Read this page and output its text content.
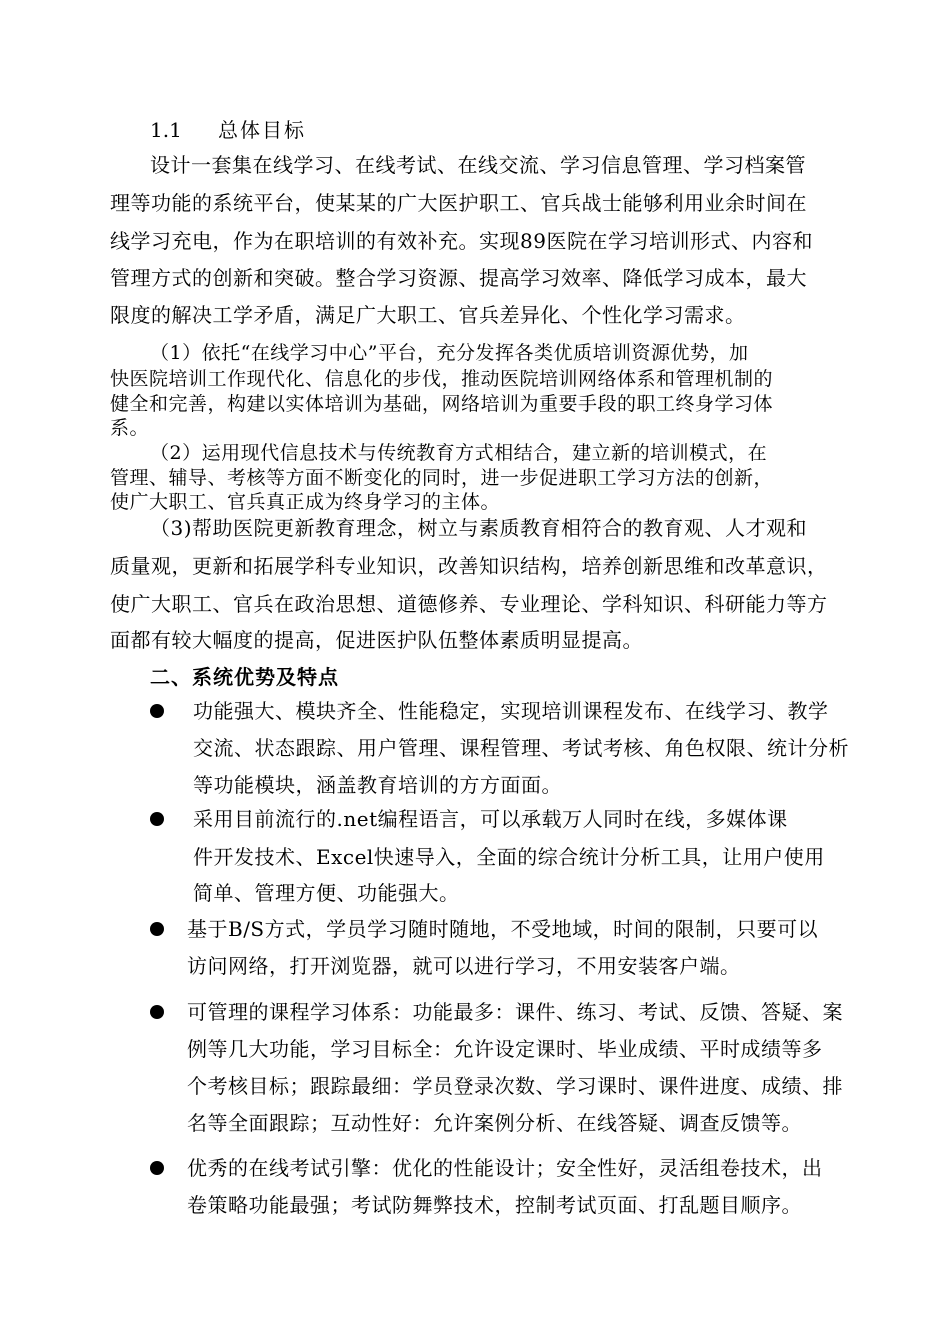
1.1 总体目标
设计一套集在线学习、在线考试、在线交流、学习信息管理、学习档案管
理等功能的系统平台，使某某的广大医护职工、官兵战士能够利用业余时间在
线学习充电，作为在职培训的有效补充。实现89医院在学习培训形式、内容和
管理方式的创新和突破。整合学习资源、提高学习效率、降低学习成本，最大
限度的解决工学矛盾，满足广大职工、官兵差异化、个性化学习需求。
（1）依托“在线学习中心”平台，充分发挥各类优质培训资源优势，加
快医院培训工作现代化、信息化的步伐，推动医院培训网络体系和管理机制的
健全和完善，构建以实体培训为基础，网络培训为重要手段的职工终身学习体
系。
（2）运用现代信息技术与传统教育方式相结合，建立新的培训模式，在
管理、辅导、考核等方面不断变化的同时，进一步促进职工学习方法的创新，
使广大职工、官兵真正成为终身学习的主体。
（3)帮助医院更新教育理念，树立与素质教育相符合的教育观、人才观和
质量观，更新和拓展学科专业知识，改善知识结构，培养创新思维和改革意识，
使广大职工、官兵在政治思想、道德修养、专业理论、学科知识、科研能力等方
面都有较大幅度的提高，促进医护队伍整体素质明显提高。
二、系统优势及特点
功能强大、模块齐全、性能稳定，实现培训课程发布、在线学习、教学
交流、状态跟踪、用户管理、课程管理、考试考核、角色权限、统计分析
等功能模块，涵盖教育培训的方方面面。
采用目前流行的.net编程语言，可以承载万人同时在线，多媒体课
件开发技术、Excel快速导入，全面的综合统计分析工具，让用户使用
简单、管理方便、功能强大。
基于B/S方式，学员学习随时随地，不受地域，时间的限制，只要可以
访问网络，打开浏览器，就可以进行学习，不用安装客户端。
可管理的课程学习体系：功能最多：课件、练习、考试、反馈、答疑、案
例等几大功能，学习目标全：允许设定课时、毕业成绩、平时成绩等多
个考核目标；跟踪最细：学员登录次数、学习课时、课件进度、成绩、排
名等全面跟踪；互动性好：允许案例分析、在线答疑、调查反馈等。
优秀的在线考试引擎：优化的性能设计；安全性好，灵活组卷技术，出
卷策略功能最强；考试防舞弊技术，控制考试页面、打乱题目顺序。
